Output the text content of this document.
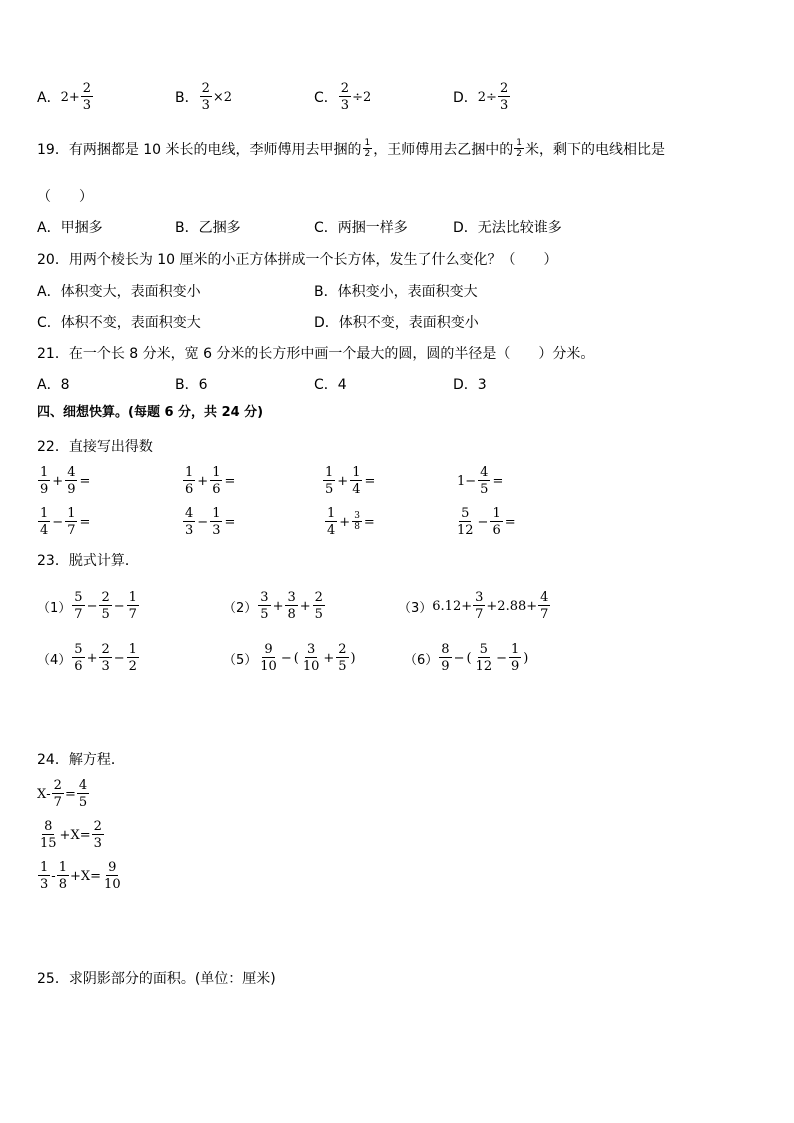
A． $2+ \frac{2}{3}$	B． $\frac{2}{3} \times 2$	C． $\frac{2}{3} \div 2$	D． $2\div \frac{2}{3}$
19． 有两捆都是 10 米长的电线，李师傅用去甲捆的 $\frac{1}{2}$ ，王师傅用去乙捆中的 $\frac{1}{2}$ 米，剩下的电线相比是
（　　）
A．甲捆多	B．乙捆多	C．两捆一样多	D．无法比较谁多
20．用两个棱长为 10 厘米的小正方体拼成一个长方体，发生了什么变化？（　　）
A．体积变大，表面积变小	B．体积变小，表面积变大
C．体积不变，表面积变大	D．体积不变，表面积变小
21．在一个长 8 分米，宽 6 分米的长方形中画一个最大的圆，圆的半径是（　　）分米。
A．8	B．6	C．4	D．3
四、细想快算。(每题 6 分，共 24 分)
22．直接写出得数
$\frac{1}{9} + \frac{4}{9}$ =	$\frac{1}{6} + \frac{1}{6}$ =	$\frac{1}{5} + \frac{1}{4}$ =	$1- \frac{4}{5}$ =
$\frac{1}{4} - \frac{1}{7}$ =	$\frac{4}{3} - \frac{1}{3}$ =	$\frac{1}{4} + \frac{3}{8}$ =	$\frac{5}{12} - \frac{1}{6}$ =
23．脱式计算．
$(1) \frac{5}{7} - \frac{2}{5} - \frac{1}{7}$	$(2) \frac{3}{5} + \frac{3}{8} + \frac{2}{5}$	（3） $6.12+ \frac{3}{7} +2.88+ \frac{4}{7}$
$(4) \frac{5}{6} + \frac{2}{3} - \frac{1}{2}$	$(5) \frac{9}{10}$ − ( $\frac{3}{10} + \frac{2}{5}$ )	$(6) \frac{8}{9}$ − ( $\frac{5}{12} - \frac{1}{9}$ )
24．解方程．
$X - \frac{2}{7} = \frac{4}{5}$
$\frac{8}{15} + X = \frac{2}{3}$
$\frac{1}{3} - \frac{1}{8} + X = \frac{9}{10}$
25．求阴影部分的面积。(单位：厘米)
